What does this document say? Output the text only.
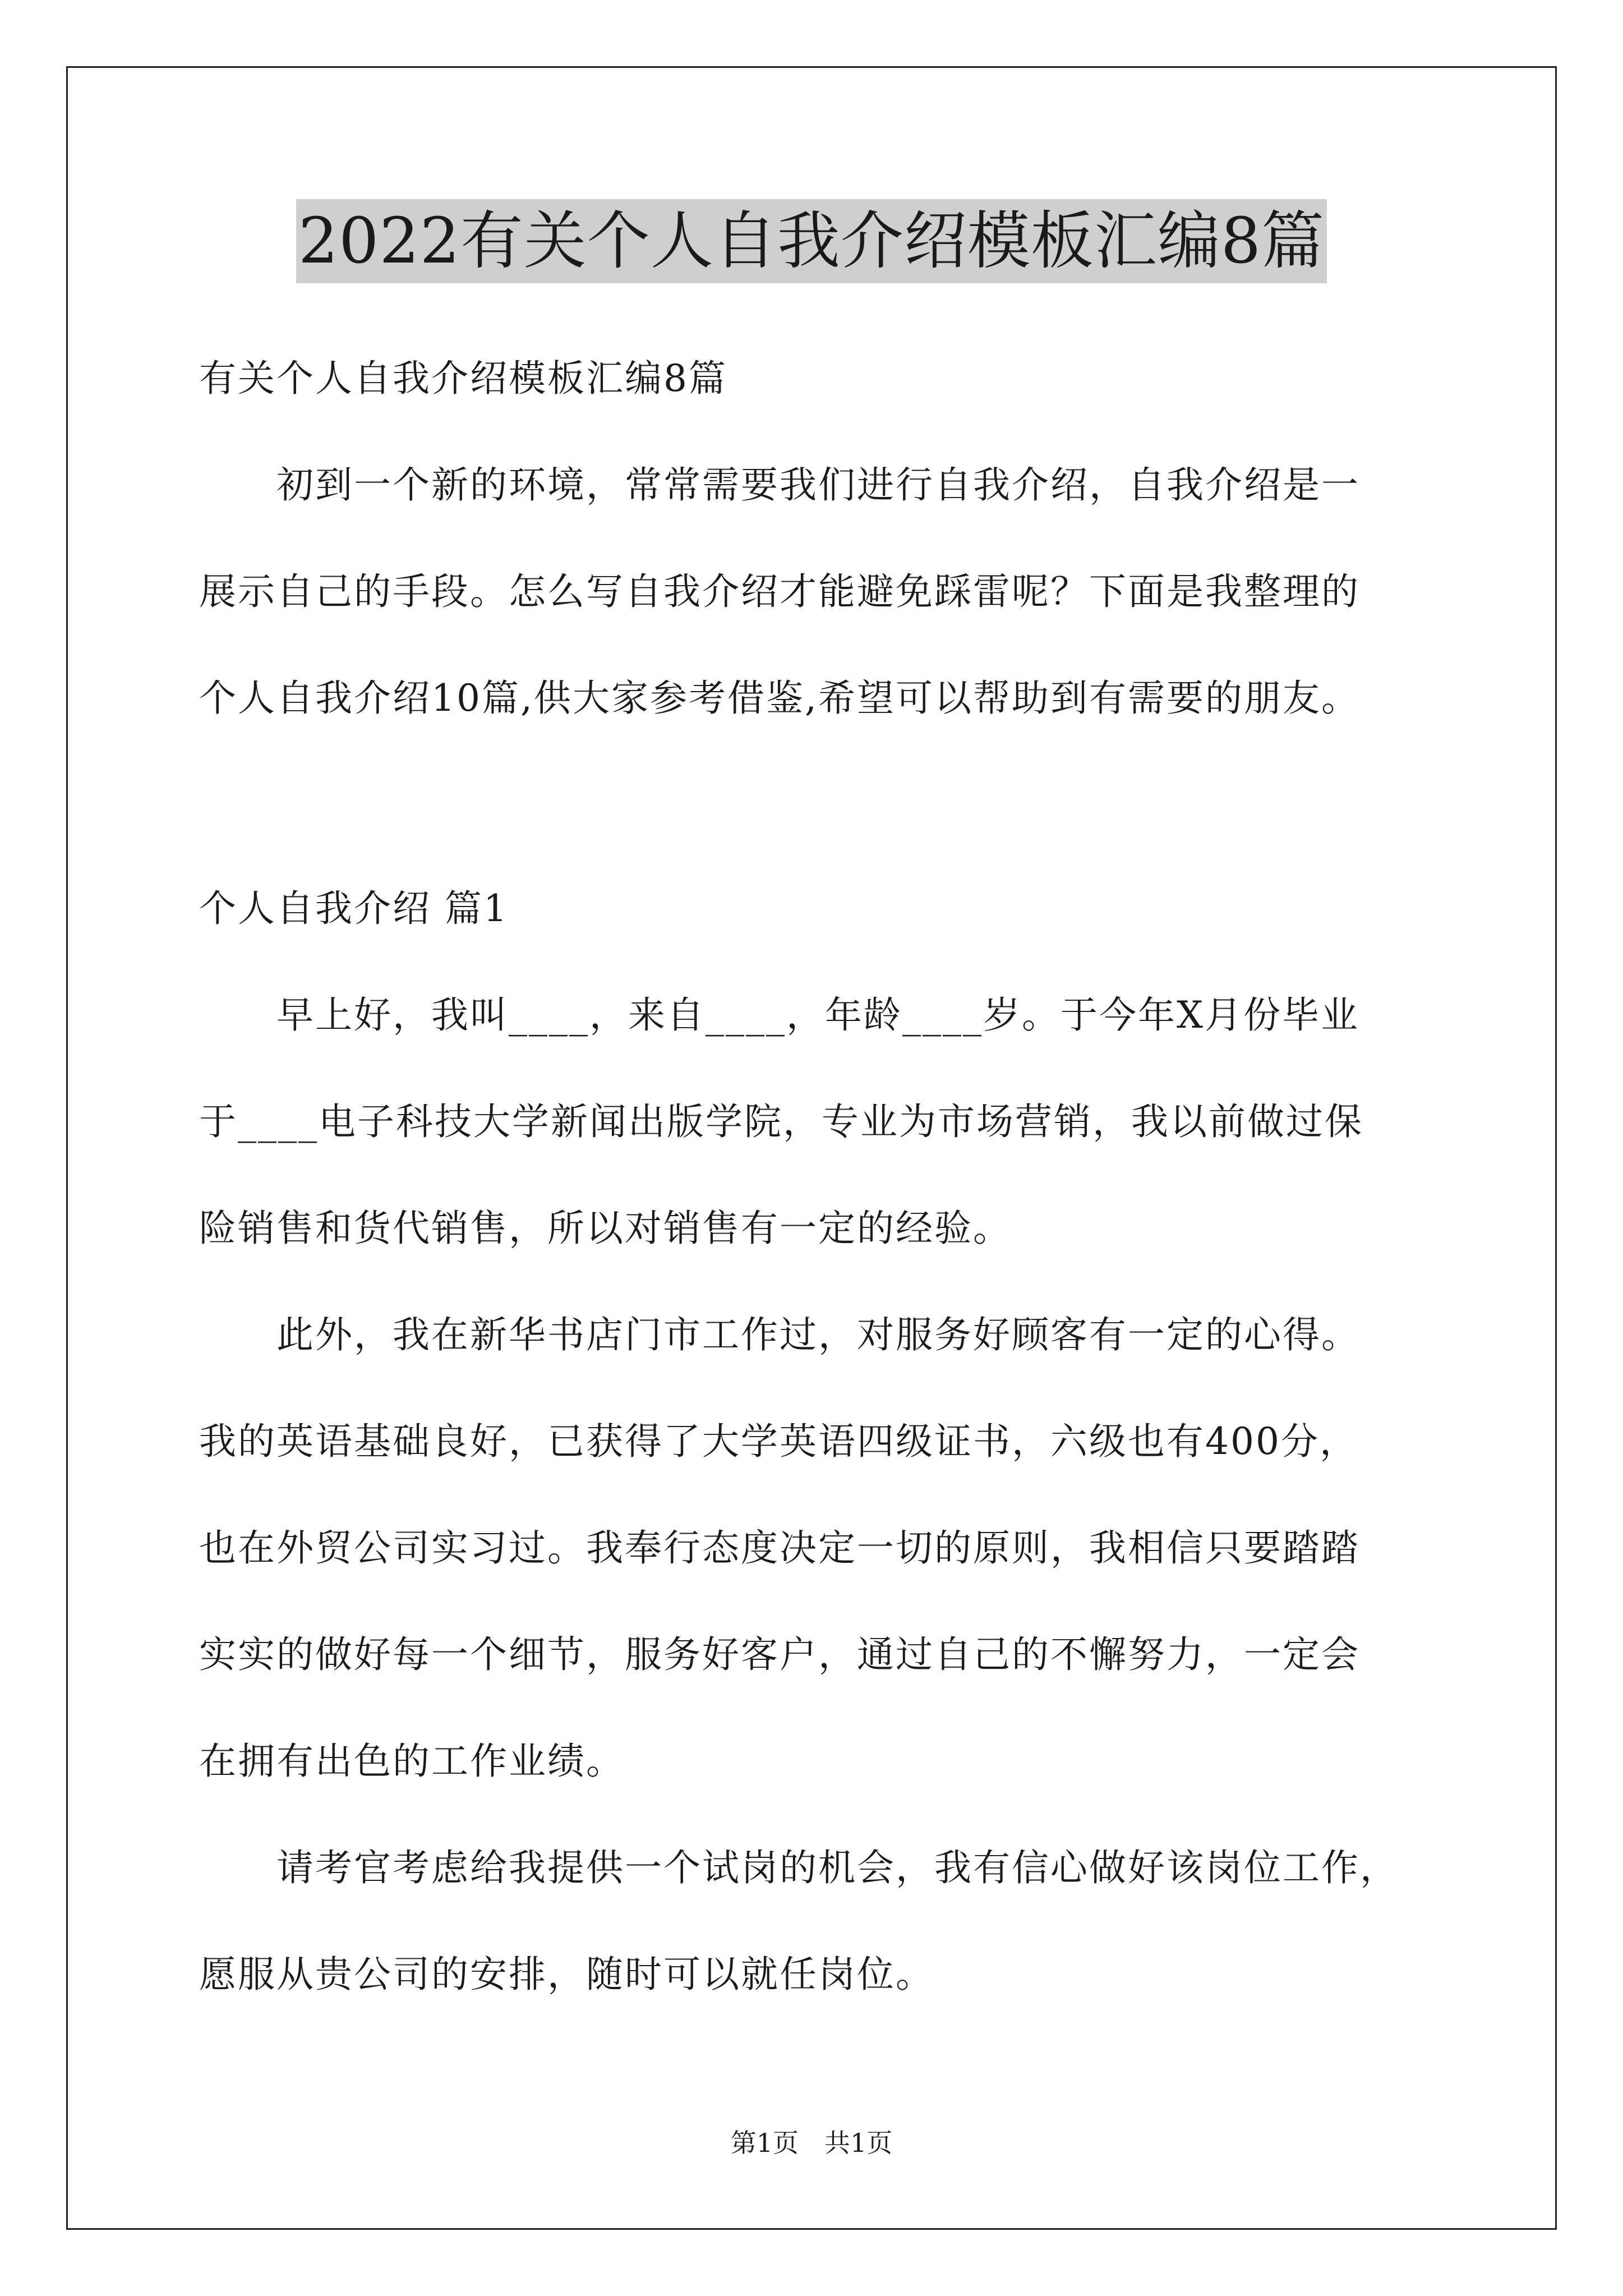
2022有关个人自我介绍模板汇编8篇
有关个人自我介绍模板汇编8篇
　　初到一个新的环境，常常需要我们进行自我介绍，自我介绍是一
展示自己的手段。怎么写自我介绍才能避免踩雷呢？下面是我整理的
个人自我介绍10篇,供大家参考借鉴,希望可以帮助到有需要的朋友。
个人自我介绍 篇1
　　早上好，我叫____，来自____，年龄____岁。于今年X月份毕业
于____电子科技大学新闻出版学院，专业为市场营销，我以前做过保
险销售和货代销售，所以对销售有一定的经验。
　　此外，我在新华书店门市工作过，对服务好顾客有一定的心得。
我的英语基础良好，已获得了大学英语四级证书，六级也有400分，
也在外贸公司实习过。我奉行态度决定一切的原则，我相信只要踏踏
实实的做好每一个细节，服务好客户，通过自己的不懈努力，一定会
在拥有出色的工作业绩。
　　请考官考虑给我提供一个试岗的机会，我有信心做好该岗位工作，
愿服从贵公司的安排，随时可以就任岗位。
第1页　共1页
